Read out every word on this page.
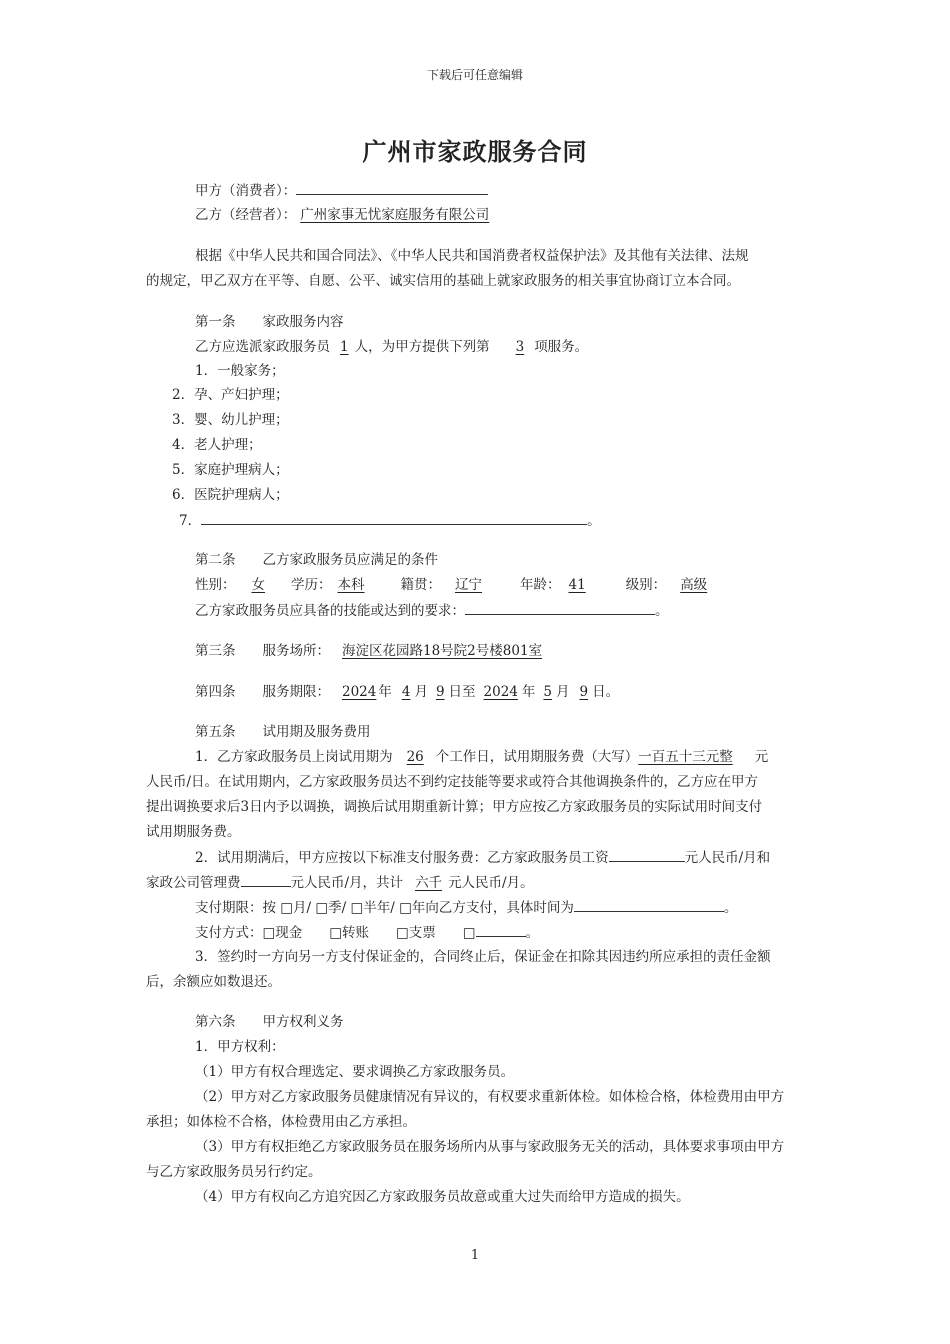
下载后可任意编辑
广州市家政服务合同
甲方（消费者）：
乙方（经营者）： 广州家事无忧家庭服务有限公司
根据《中华人民共和国合同法》、《中华人民共和国消费者权益保护法》及其他有关法律、法规
的规定，甲乙双方在平等、自愿、公平、诚实信用的基础上就家政服务的相关事宜协商订立本合同。
第一条　　家政服务内容
乙方应选派家政服务员 1 人，为甲方提供下列第 3 项服务。
1．一般家务；
2．孕、产妇护理；
3．婴、幼儿护理；
4．老人护理；
5．家庭护理病人；
6．医院护理病人；
7．	。
第二条　　乙方家政服务员应满足的条件
性别： 女 学历： 本科	籍贯： 辽宁	年龄： 41	级别： 高级
乙方家政服务员应具备的技能或达到的要求：	。
第三条　　服务场所： 海淀区花园路18号院2号楼801室
第四条　　服务期限： 2024 年 4 月 9 日至 2024 年 5 月 9 日。
第五条　　试用期及服务费用
1．乙方家政服务员上岗试用期为 26 个工作日，试用期服务费（大写）一百五十三元整 元
人民币/日。在试用期内，乙方家政服务员达不到约定技能等要求或符合其他调换条件的，乙方应在甲方
提出调换要求后3日内予以调换，调换后试用期重新计算；甲方应按乙方家政服务员的实际试用时间支付
试用期服务费。
2．试用期满后，甲方应按以下标准支付服务费：乙方家政服务员工资	元人民币/月和
家政公司管理费	元人民币/月，共计 六千 元人民币/月。
支付期限：按 □月/ □季/ □半年/ □年向乙方支付，具体时间为	。
支付方式：□现金　　□转账　　□支票　　□	。
3．签约时一方向另一方支付保证金的，合同终止后，保证金在扣除其因违约所应承担的责任金额
后，余额应如数退还。
第六条　　甲方权利义务
1．甲方权利：
（1）甲方有权合理选定、要求调换乙方家政服务员。
（2）甲方对乙方家政服务员健康情况有异议的，有权要求重新体检。如体检合格，体检费用由甲方
承担；如体检不合格，体检费用由乙方承担。
（3）甲方有权拒绝乙方家政服务员在服务场所内从事与家政服务无关的活动，具体要求事项由甲方
与乙方家政服务员另行约定。
（4）甲方有权向乙方追究因乙方家政服务员故意或重大过失而给甲方造成的损失。
1
